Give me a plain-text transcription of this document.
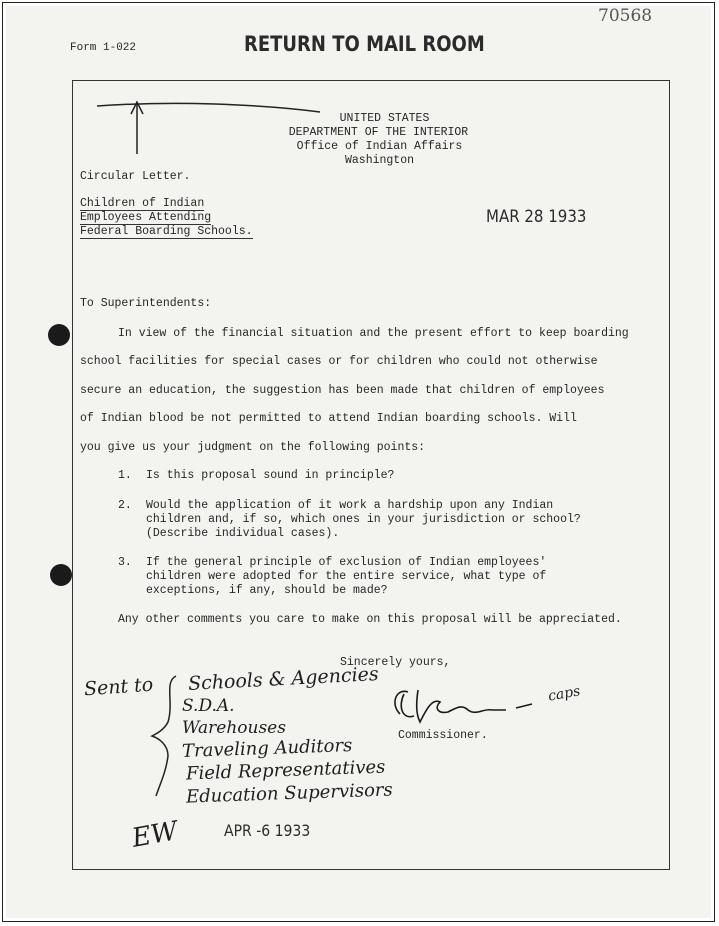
70568
Form 1-022	RETURN TO MAIL ROOM
UNITED STATES
DEPARTMENT OF THE INTERIOR
Office of Indian Affairs
Washington
Circular Letter.
Children of Indian
Employees Attending
Federal Boarding Schools.
MAR 28 1933
To Superintendents:
In view of the financial situation and the present effort to keep boarding
school facilities for special cases or for children who could not otherwise
secure an education, the suggestion has been made that children of employees
of Indian blood be not permitted to attend Indian boarding schools. Will
you give us your judgment on the following points:
1. Is this proposal sound in principle?
2. Would the application of it work a hardship upon any Indian
children and, if so, which ones in your jurisdiction or school?
(Describe individual cases).
3. If the general principle of exclusion of Indian employees'
children were adopted for the entire service, what type of
exceptions, if any, should be made?
Any other comments you care to make on this proposal will be appreciated.
Sincerely yours,
caps
Commissioner.
Sent to Schools & Agencies
S.D.A.
Warehouses
Traveling Auditors
Field Representatives
Education Supervisors
EW	APR -6 1933
